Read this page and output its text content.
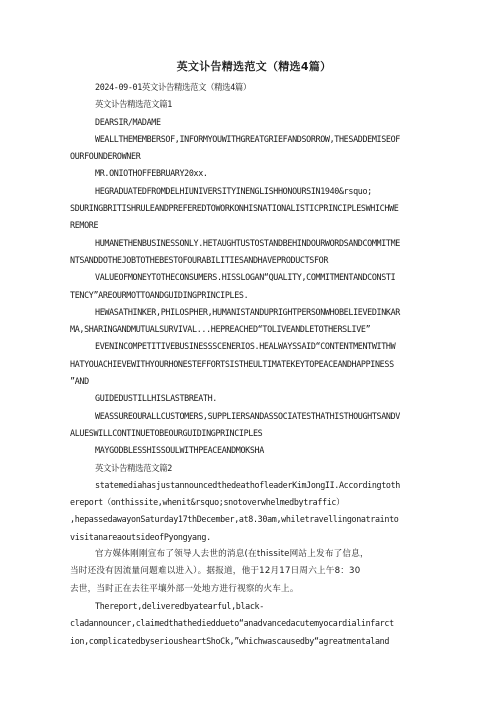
英文讣告精选范文（精选4篇）
2024-09-01英文讣告精选范文（精选4篇）
英文讣告精选范文篇1
DEARSIR/MADAME
WEALLTHEMEMBERSOF,INFORMYOUWITHGREATGRIEFANDSORROW,THESADDEMISEOF
OURFOUNDEROWNER
MR.ONIOTHOFFEBRUARY20xx.
HEGRADUATEDFROMDELHIUNIVERSITYINENGLISHHONOURSIN1940&rsquo;
SDURINGBRITISHRULEANDPREFEREDTOWORKONHISNATIONALISTICPRINCIPLESWHICHWE
REMORE
HUMANETHENBUSINESSONLY.HETAUGHTUSTOSTANDBEHINDOURWORDSANDCOMMITME
NTSANDDOTHEJOBTOTHEBESTOFOURABILITIESANDHAVEPRODUCTSFOR
VALUEOFMONEYTOTHECONSUMERS.HISSLOGAN“QUALITY,COMMITMENTANDCONSTI
TENCY”AREOURMOTTOANDGUIDINGPRINCIPLES.
HEWASATHINKER,PHILOSPHER,HUMANISTANDUPRIGHTPERSONWHOBELIEVEDINKAR
MA,SHARINGANDMUTUALSURVIVAL...HEPREACHED“TOLIVEANDLETOTHERSLIVE”
EVENINCOMPETITIVEBUSINESSSCENERIOS.HEALWAYSSAID“CONTENTMENTWITHW
HATYOUACHIEVEWITHYOURHONESTEFFORTSISTHEULTIMATEKEYTOPEACEANDHAPPINESS
”AND
GUIDEDUSTILLHISLASTBREATH.
WEASSUREOURALLCUSTOMERS,SUPPLIERSANDASSOCIATESTHATHISTHOUGHTSANDV
ALUESWILLCONTINUETOBEOURGUIDINGPRINCIPLES
MAYGODBLESSHISSOULWITHPEACEANDMOKSHA
英文讣告精选范文篇2
statemediahasjustannouncedthedeathofleaderKimJongII.Accordingtoth
ereport（onthissite,whenit&rsquo;snotoverwhelmedbytraffic）
,hepassedawayonSaturday17thDecember,at8.30am,whiletravellingonatrainto
visitanareaoutsideofPyongyang.
官方媒体刚刚宣布了领导人去世的消息(在thissite网站上发布了信息，
当时还没有因流量问题难以进入）。据报道，他于12月17日周六上午8：30
去世，当时正在去往平壤外部一处地方进行视察的火车上。
Thereport,deliveredbyatearful,black-
cladannouncer,claimedthathedieddueto“anadvancedacutemyocardialinfarct
ion,complicatedbyseriousheartShoCk,”whichwascausedby“agreatmentaland
